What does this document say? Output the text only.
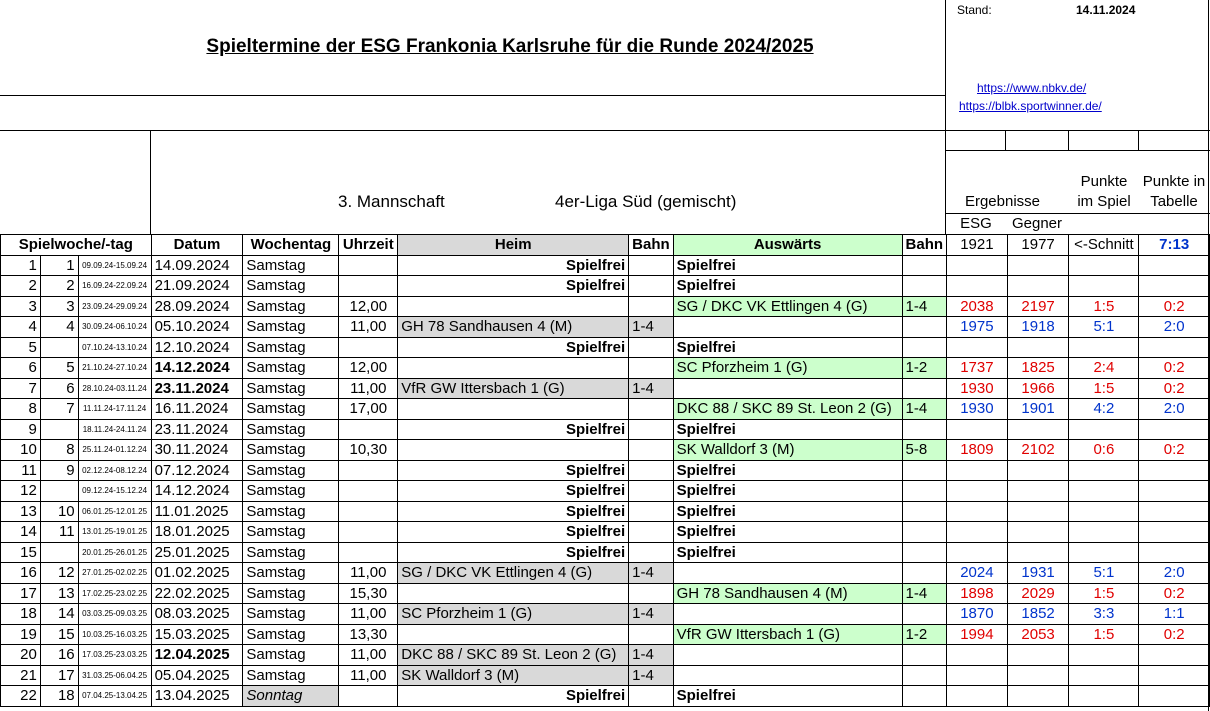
Spieltermine der ESG Frankonia Karlsruhe für die Runde 2024/2025
Stand:	14.11.2024
https://www.nbkv.de/
https://blbk.sportwinner.de/
3. Mannschaft	4er-Liga Süd (gemischt)	Ergebnisse
Punkte
im Spiel
Punkte in
Tabelle
ESG	Gegner
Spielwoche/-tag			Datum	Wochentag	Uhrzeit	Heim	Bahn	Auswärts	Bahn	1921	1977	<-Schnitt	7:13
1	1	09.09.24-15.09.24	14.09.2024	Samstag		Spielfrei		Spielfrei					
2	2	16.09.24-22.09.24	21.09.2024	Samstag		Spielfrei		Spielfrei					
3	3	23.09.24-29.09.24	28.09.2024	Samstag	12,00			SG / DKC VK Ettlingen 4 (G)	1-4	2038	2197	1:5	0:2
4	4	30.09.24-06.10.24	05.10.2024	Samstag	11,00	GH 78 Sandhausen 4 (M)	1-4			1975	1918	5:1	2:0
5		07.10.24-13.10.24	12.10.2024	Samstag		Spielfrei		Spielfrei					
6	5	21.10.24-27.10.24	14.12.2024	Samstag	12,00			SC Pforzheim 1 (G)	1-2	1737	1825	2:4	0:2
7	6	28.10.24-03.11.24	23.11.2024	Samstag	11,00	VfR GW Ittersbach 1 (G)	1-4			1930	1966	1:5	0:2
8	7	11.11.24-17.11.24	16.11.2024	Samstag	17,00			DKC 88 / SKC 89 St. Leon 2 (G)	1-4	1930	1901	4:2	2:0
9		18.11.24-24.11.24	23.11.2024	Samstag		Spielfrei		Spielfrei					
10	8	25.11.24-01.12.24	30.11.2024	Samstag	10,30			SK Walldorf 3 (M)	5-8	1809	2102	0:6	0:2
11	9	02.12.24-08.12.24	07.12.2024	Samstag		Spielfrei		Spielfrei					
12		09.12.24-15.12.24	14.12.2024	Samstag		Spielfrei		Spielfrei					
13	10	06.01.25-12.01.25	11.01.2025	Samstag		Spielfrei		Spielfrei					
14	11	13.01.25-19.01.25	18.01.2025	Samstag		Spielfrei		Spielfrei					
15		20.01.25-26.01.25	25.01.2025	Samstag		Spielfrei		Spielfrei					
16	12	27.01.25-02.02.25	01.02.2025	Samstag	11,00	SG / DKC VK Ettlingen 4 (G)	1-4			2024	1931	5:1	2:0
17	13	17.02.25-23.02.25	22.02.2025	Samstag	15,30			GH 78 Sandhausen 4 (M)	1-4	1898	2029	1:5	0:2
18	14	03.03.25-09.03.25	08.03.2025	Samstag	11,00	SC Pforzheim 1 (G)	1-4			1870	1852	3:3	1:1
19	15	10.03.25-16.03.25	15.03.2025	Samstag	13,30			VfR GW Ittersbach 1 (G)	1-2	1994	2053	1:5	0:2
20	16	17.03.25-23.03.25	12.04.2025	Samstag	11,00	DKC 88 / SKC 89 St. Leon 2 (G)	1-4						
21	17	31.03.25-06.04.25	05.04.2025	Samstag	11,00	SK Walldorf 3 (M)	1-4						
22	18	07.04.25-13.04.25	13.04.2025	Sonntag		Spielfrei		Spielfrei					
